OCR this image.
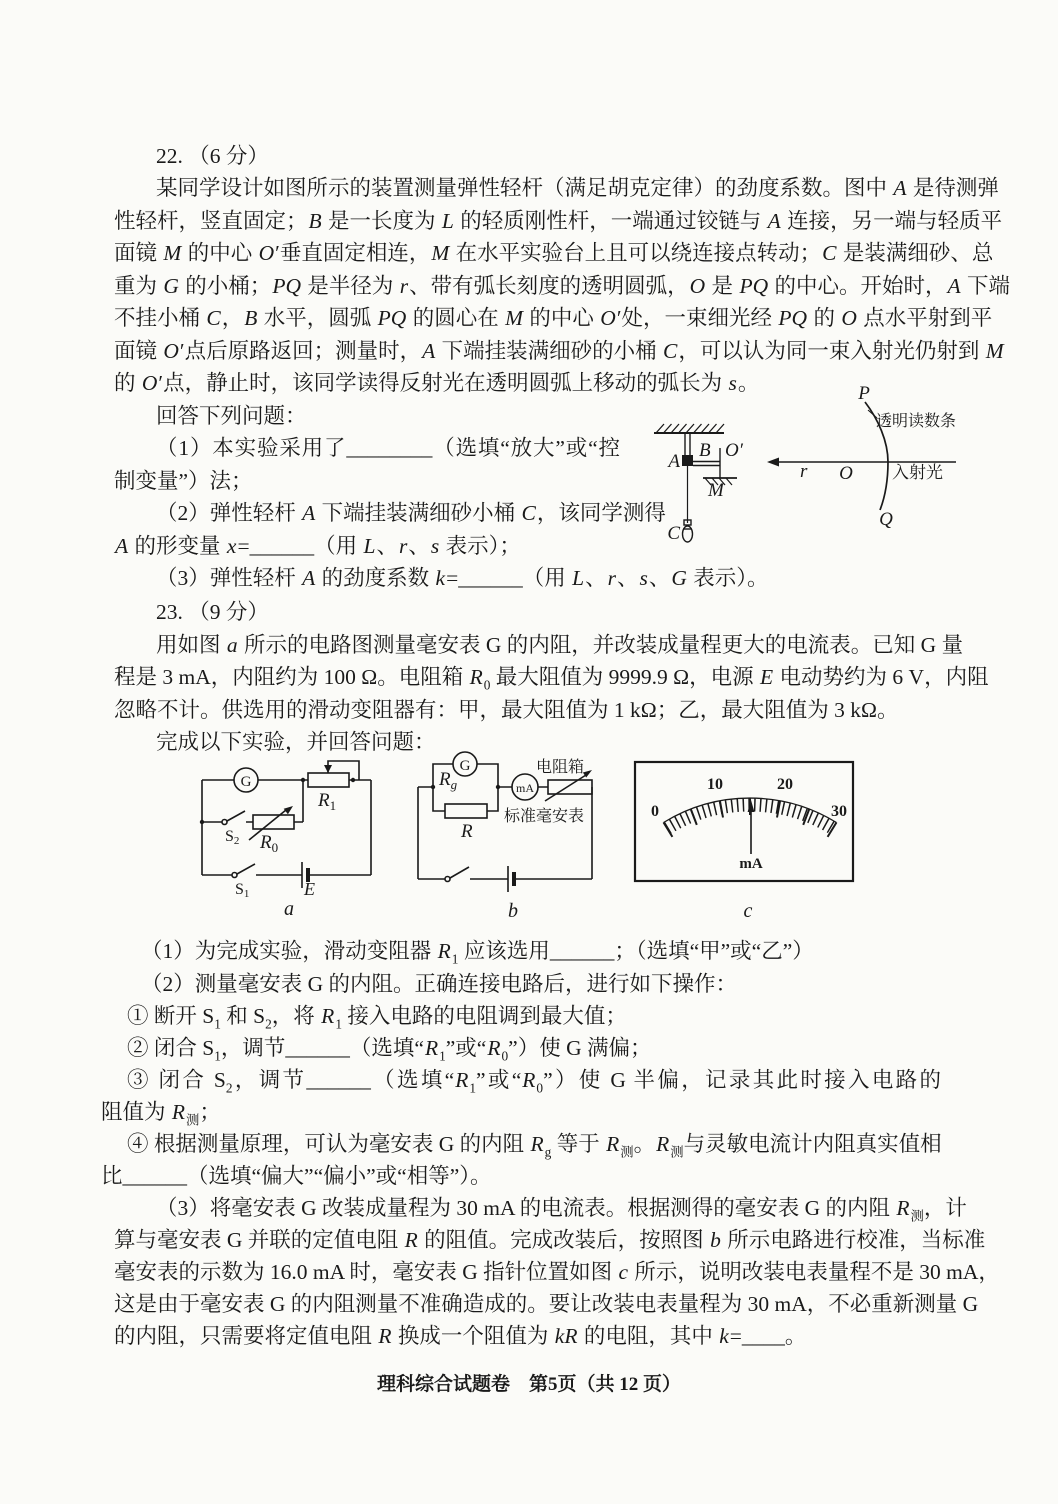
22. （6 分）
某同学设计如图所示的装置测量弹性轻杆（满足胡克定律）的劲度系数。图中 A 是待测弹
性轻杆，竖直固定；B 是一长度为 L 的轻质刚性杆，一端通过铰链与 A 连接，另一端与轻质平
面镜 M 的中心 O′垂直固定相连，M 在水平实验台上且可以绕连接点转动；C 是装满细砂、总
重为 G 的小桶；PQ 是半径为 r、带有弧长刻度的透明圆弧，O 是 PQ 的中心。开始时，A 下端
不挂小桶 C，B 水平，圆弧 PQ 的圆心在 M 的中心 O′处，一束细光经 PQ 的 O 点水平射到平
面镜 O′点后原路返回；测量时，A 下端挂装满细砂的小桶 C，可以认为同一束入射光仍射到 M
的 O′点，静止时，该同学读得反射光在透明圆弧上移动的弧长为 s。
回答下列问题：
（1）本实验采用了________（选填“放大”或“控
制变量”）法；
（2）弹性轻杆 A 下端挂装满细砂小桶 C，该同学测得
A 的形变量 x=______（用 L、r、s 表示）；
（3）弹性轻杆 A 的劲度系数 k=______（用 L、r、s、G 表示）。
A
B O′
M
C
P
Q
O
r	入射光
透明读数条
23. （9 分）
用如图 a 所示的电路图测量毫安表 G 的内阻，并改装成量程更大的电流表。已知 G 量
程是 3 mA，内阻约为 100 Ω。电阻箱 $R_0$ 最大阻值为 9999.9 Ω，电源 E 电动势约为 6 V，内阻
忽略不计。供选用的滑动变阻器有：甲，最大阻值为 1 kΩ；乙，最大阻值为 3 kΩ。
完成以下实验，并回答问题：
G
$R_1$
$R_0$
S2
S1	E
a
G
$R_g$
R
mA
电阻箱
标准毫安表
b
0
10	20
30
mA
c
（1）为完成实验，滑动变阻器 $R_1$ 应该选用______；（选填“甲”或“乙”）
（2）测量毫安表 G 的内阻。正确连接电路后，进行如下操作：
① 断开 $S_1$ 和 $S_2$，将 $R_1$ 接入电路的电阻调到最大值；
② 闭合 $S_1$，调节______（选填“$R_1$”或“$R_0$”）使 G 满偏；
③ 闭合 $S_2$，调节______（选填“$R_1$”或“$R_0$”）使 G 半偏，记录其此时接入电路的
阻值为 $R_测$；
④ 根据测量原理，可认为毫安表 G 的内阻 $R_g$ 等于 $R_测$。$R_测$与灵敏电流计内阻真实值相
比______（选填“偏大”“偏小”或“相等”）。
（3）将毫安表 G 改装成量程为 30 mA 的电流表。根据测得的毫安表 G 的内阻 $R_测$，计
算与毫安表 G 并联的定值电阻 R 的阻值。完成改装后，按照图 b 所示电路进行校准，当标准
毫安表的示数为 16.0 mA 时，毫安表 G 指针位置如图 c 所示，说明改装电表量程不是 30 mA，
这是由于毫安表 G 的内阻测量不准确造成的。要让改装电表量程为 30 mA，不必重新测量 G
的内阻，只需要将定值电阻 R 换成一个阻值为 kR 的电阻，其中 k=____。
理科综合试题卷　第5页（共 12 页）
